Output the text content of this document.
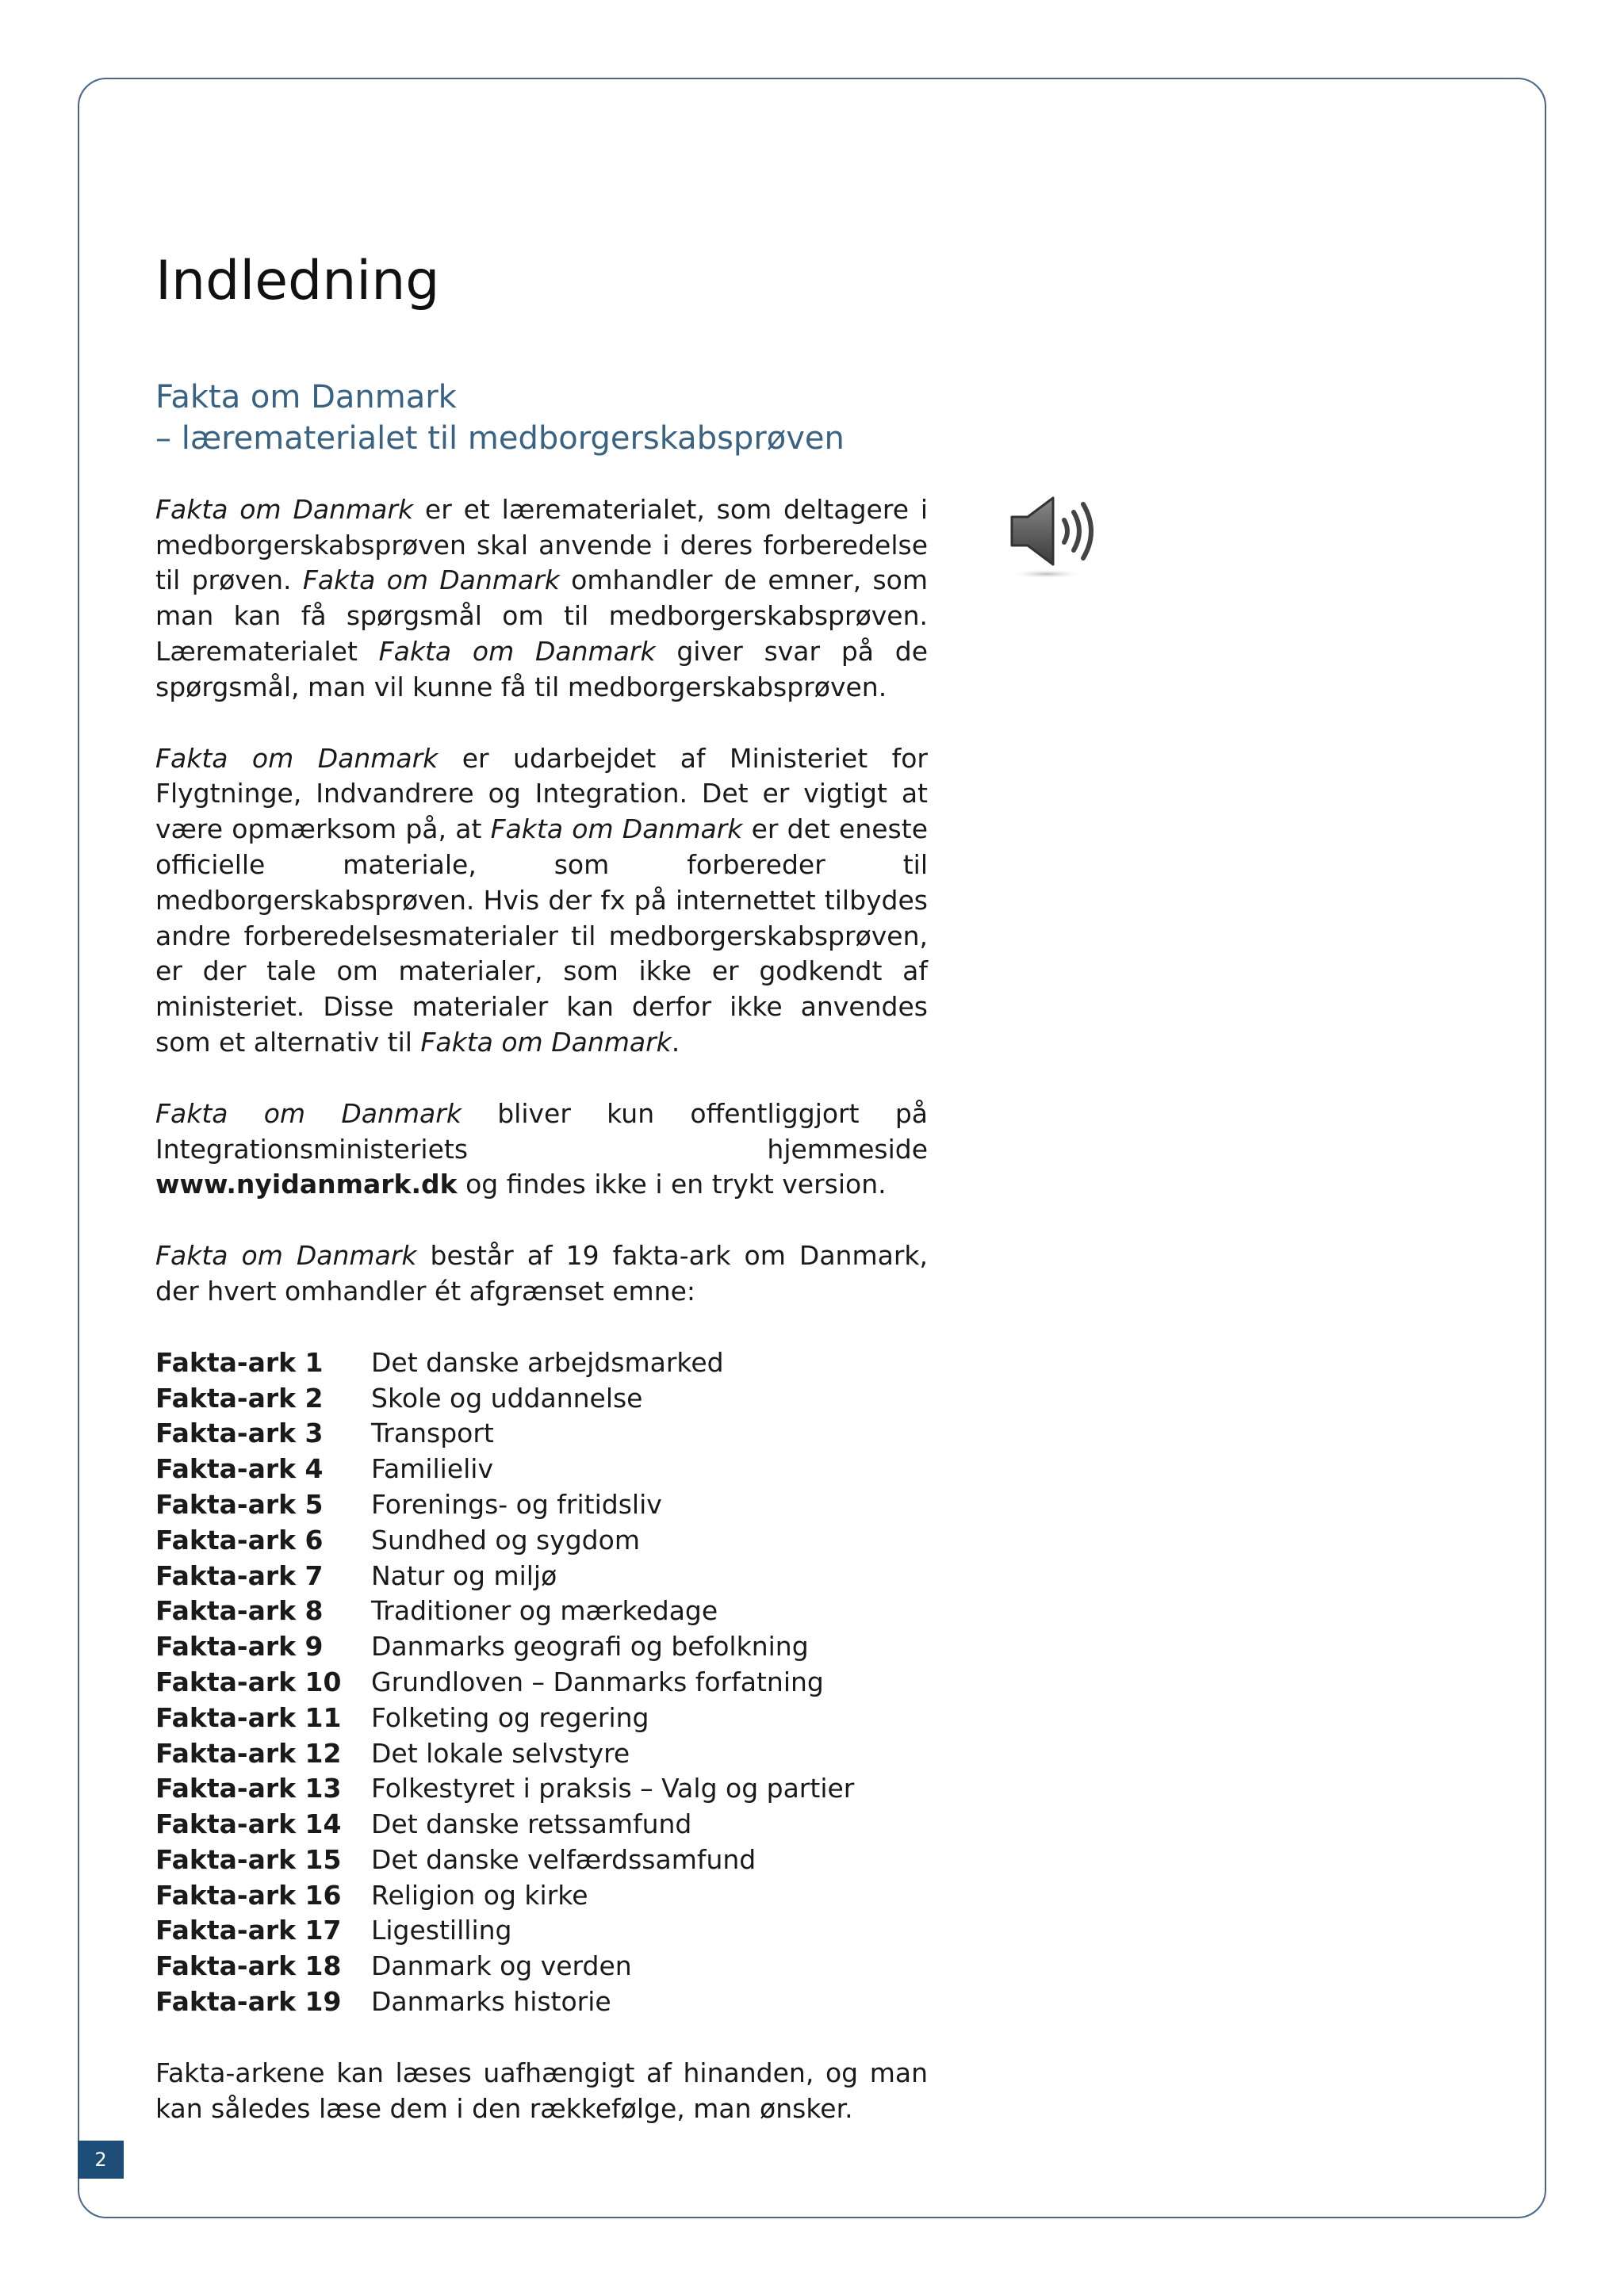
Indledning
Fakta om Danmark
– lærematerialet til medborgerskabsprøven

Fakta om Danmark er et lærematerialet, som deltagere i medborgerskabsprøven skal anvende i deres forberedelse til prøven. Fakta om Danmark omhandler de emner, som man kan få spørgsmål om til medborgerskabsprøven. Lærematerialet Fakta om Danmark giver svar på de spørgsmål, man vil kunne få til medborgerskabsprøven.

Fakta om Danmark er udarbejdet af Ministeriet for Flygtninge, Indvandrere og Integration. Det er vigtigt at være opmærksom på, at Fakta om Danmark er det eneste officielle materiale, som forbereder til medborgerskabsprøven. Hvis der fx på internettet tilbydes andre forberedelsesmaterialer til medborgerskabsprøven, er der tale om materialer, som ikke er godkendt af ministeriet. Disse materialer kan derfor ikke anvendes som et alternativ til Fakta om Danmark.

Fakta om Danmark bliver kun offentliggjort på Integrationsministeriets hjemmeside www.nyidanmark.dk og findes ikke i en trykt version.

Fakta om Danmark består af 19 fakta-ark om Danmark, der hvert omhandler ét afgrænset emne:

Fakta-ark 1	Det danske arbejdsmarked
Fakta-ark 2	Skole og uddannelse
Fakta-ark 3	Transport
Fakta-ark 4	Familieliv
Fakta-ark 5	Forenings- og fritidsliv
Fakta-ark 6	Sundhed og sygdom
Fakta-ark 7	Natur og miljø
Fakta-ark 8	Traditioner og mærkedage
Fakta-ark 9	Danmarks geografi og befolkning
Fakta-ark 10	Grundloven – Danmarks forfatning
Fakta-ark 11	Folketing og regering
Fakta-ark 12	Det lokale selvstyre
Fakta-ark 13	Folkestyret i praksis – Valg og partier
Fakta-ark 14	Det danske retssamfund
Fakta-ark 15	Det danske velfærdssamfund
Fakta-ark 16	Religion og kirke
Fakta-ark 17	Ligestilling
Fakta-ark 18	Danmark og verden
Fakta-ark 19	Danmarks historie

Fakta-arkene kan læses uafhængigt af hinanden, og man kan således læse dem i den rækkefølge, man ønsker.

2
